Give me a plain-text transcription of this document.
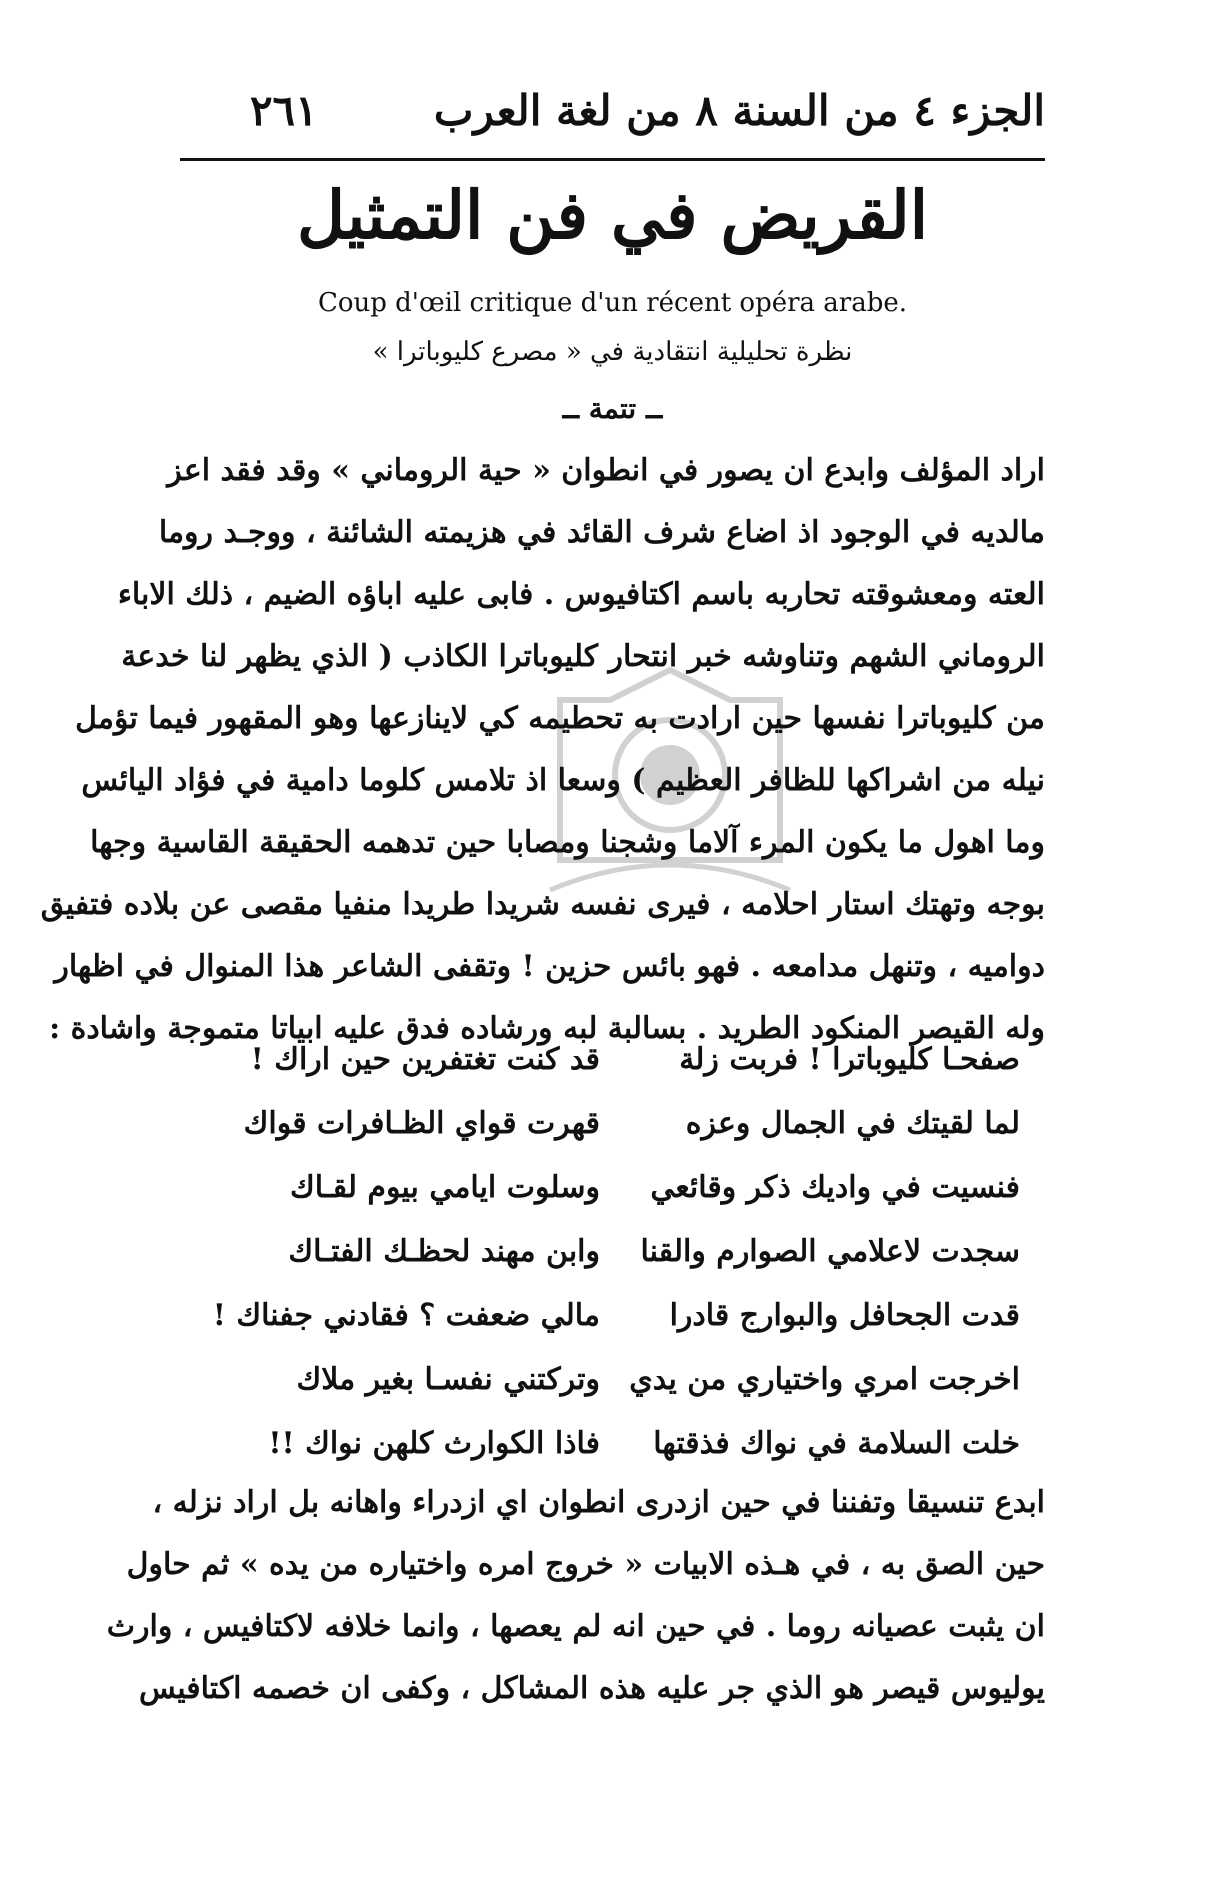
الجزء ٤ من السنة ٨ من لغة العرب
٢٦١
القريض في فن التمثيل
Coup d'œil critique d'un récent opéra arabe.
نظرة تحليلية انتقادية في « مصرع كليوباترا »
ــ تتمة ــ
اراد المؤلف وابدع ان يصور في انطوان « حية الروماني » وقد فقد اعز
مالديه في الوجود اذ اضاع شرف القائد في هزيمته الشائنة ، ووجـد روما
العته ومعشوقته تحاربه باسم اكتافيوس . فابى عليه اباؤه الضيم ، ذلك الاباء
الروماني الشهم وتناوشه خبر انتحار كليوباترا الكاذب ( الذي يظهر لنا خدعة
من كليوباترا نفسها حين ارادت به تحطيمه كي لاينازعها وهو المقهور فيما تؤمل
نيله من اشراكها للظافر العظيم ) وسعا اذ تلامس كلوما دامية في فؤاد اليائس
وما اهول ما يكون المرء آلاما وشجنا ومصابا حين تدهمه الحقيقة القاسية وجها
بوجه وتهتك استار احلامه ، فيرى نفسه شريدا طريدا منفيا مقصى عن بلاده فتفيق
دواميه ، وتنهل مدامعه . فهو بائس حزين ! وتقفى الشاعر هذا المنوال في اظهار
وله القيصر المنكود الطريد . بسالبة لبه ورشاده فدق عليه ابياتا متموجة واشادة :
صفحـا كليوباترا ! فربت زلة
قد كنت تغتفرين حين اراك !
لما لقيتك في الجمال وعزه
قهرت قواي الظـافرات قواك
فنسيت في واديك ذكر وقائعي
وسلوت ايامي بيوم لقـاك
سجدت لاعلامي الصوارم والقنا
وابن مهند لحظـك الفتـاك
قدت الجحافل والبوارج قادرا
مالي ضعفت ؟ فقادني جفناك !
اخرجت امري واختياري من يدي
وتركتني نفسـا بغير ملاك
خلت السلامة في نواك فذقتها
فاذا الكوارث كلهن نواك !!
ابدع تنسيقا وتفننا في حين ازدرى انطوان اي ازدراء واهانه بل اراد نزله ،
حين الصق به ، في هـذه الابيات « خروج امره واختياره من يده » ثم حاول
ان يثبت عصيانه روما . في حين انه لم يعصها ، وانما خلافه لاكتافيس ، وارث
يوليوس قيصر هو الذي جر عليه هذه المشاكل ، وكفى ان خصمه اكتافيس
